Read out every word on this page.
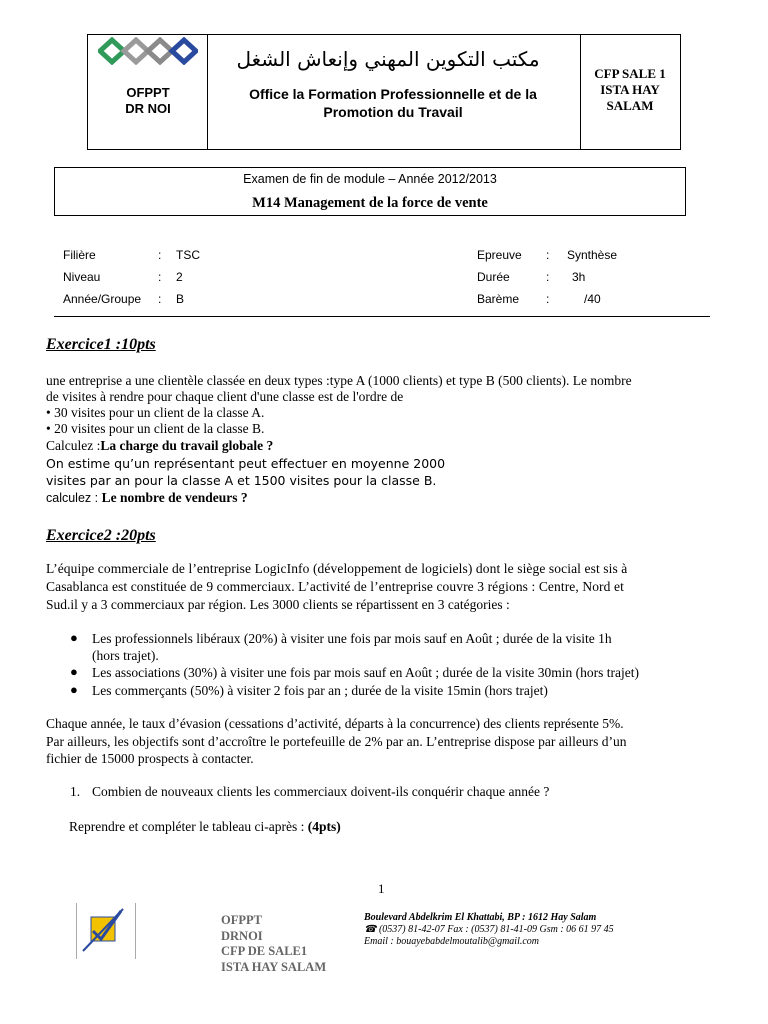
OFPPT
DR NOI
مكتب التكوين المهني وإنعاش الشغل
Office la Formation Professionnelle et de la
Promotion du Travail
CFP SALE 1
ISTA HAY
SALAM
Examen de fin de module – Année 2012/2013
M14 Management de la force de vente
Filière	: TSC
Niveau	: 2
Année/Groupe : B
Epreuve : Synthèse
Durée	: 3h
Barème :	/40
Exercice1 :10pts
une entreprise a une clientèle classée en deux types :type A (1000 clients) et type B (500 clients). Le nombre
de visites à rendre pour chaque client d'une classe est de l'ordre de
• 30 visites pour un client de la classe A.
• 20 visites pour un client de la classe B.
Calculez :La charge du travail globale ?
On estime qu’un représentant peut effectuer en moyenne 2000
visites par an pour la classe A et 1500 visites pour la classe B.
calculez : Le nombre de vendeurs ?
Exercice2 :20pts
L’équipe commerciale de l’entreprise LogicInfo (développement de logiciels) dont le siège social est sis à
Casablanca est constituée de 9 commerciaux. L’activité de l’entreprise couvre 3 régions : Centre, Nord et
Sud.il y a 3 commerciaux par région. Les 3000 clients se répartissent en 3 catégories :
● Les professionnels libéraux (20%) à visiter une fois par mois sauf en Août ; durée de la visite 1h
(hors trajet).
● Les associations (30%) à visiter une fois par mois sauf en Août ; durée de la visite 30min (hors trajet)
● Les commerçants (50%) à visiter 2 fois par an ; durée de la visite 15min (hors trajet)
Chaque année, le taux d’évasion (cessations d’activité, départs à la concurrence) des clients représente 5%.
Par ailleurs, les objectifs sont d’accroître le portefeuille de 2% par an. L’entreprise dispose par ailleurs d’un
fichier de 15000 prospects à contacter.
1. Combien de nouveaux clients les commerciaux doivent-ils conquérir chaque année ?
Reprendre et compléter le tableau ci-après : (4pts)
1
OFPPT
DRNOI
CFP DE SALE1
ISTA HAY SALAM
Boulevard Abdelkrim El Khattabi, BP : 1612 Hay Salam
☎ (0537) 81-42-07 Fax : (0537) 81-41-09 Gsm : 06 61 97 45
Email : bouayebabdelmoutalib@gmail.com
